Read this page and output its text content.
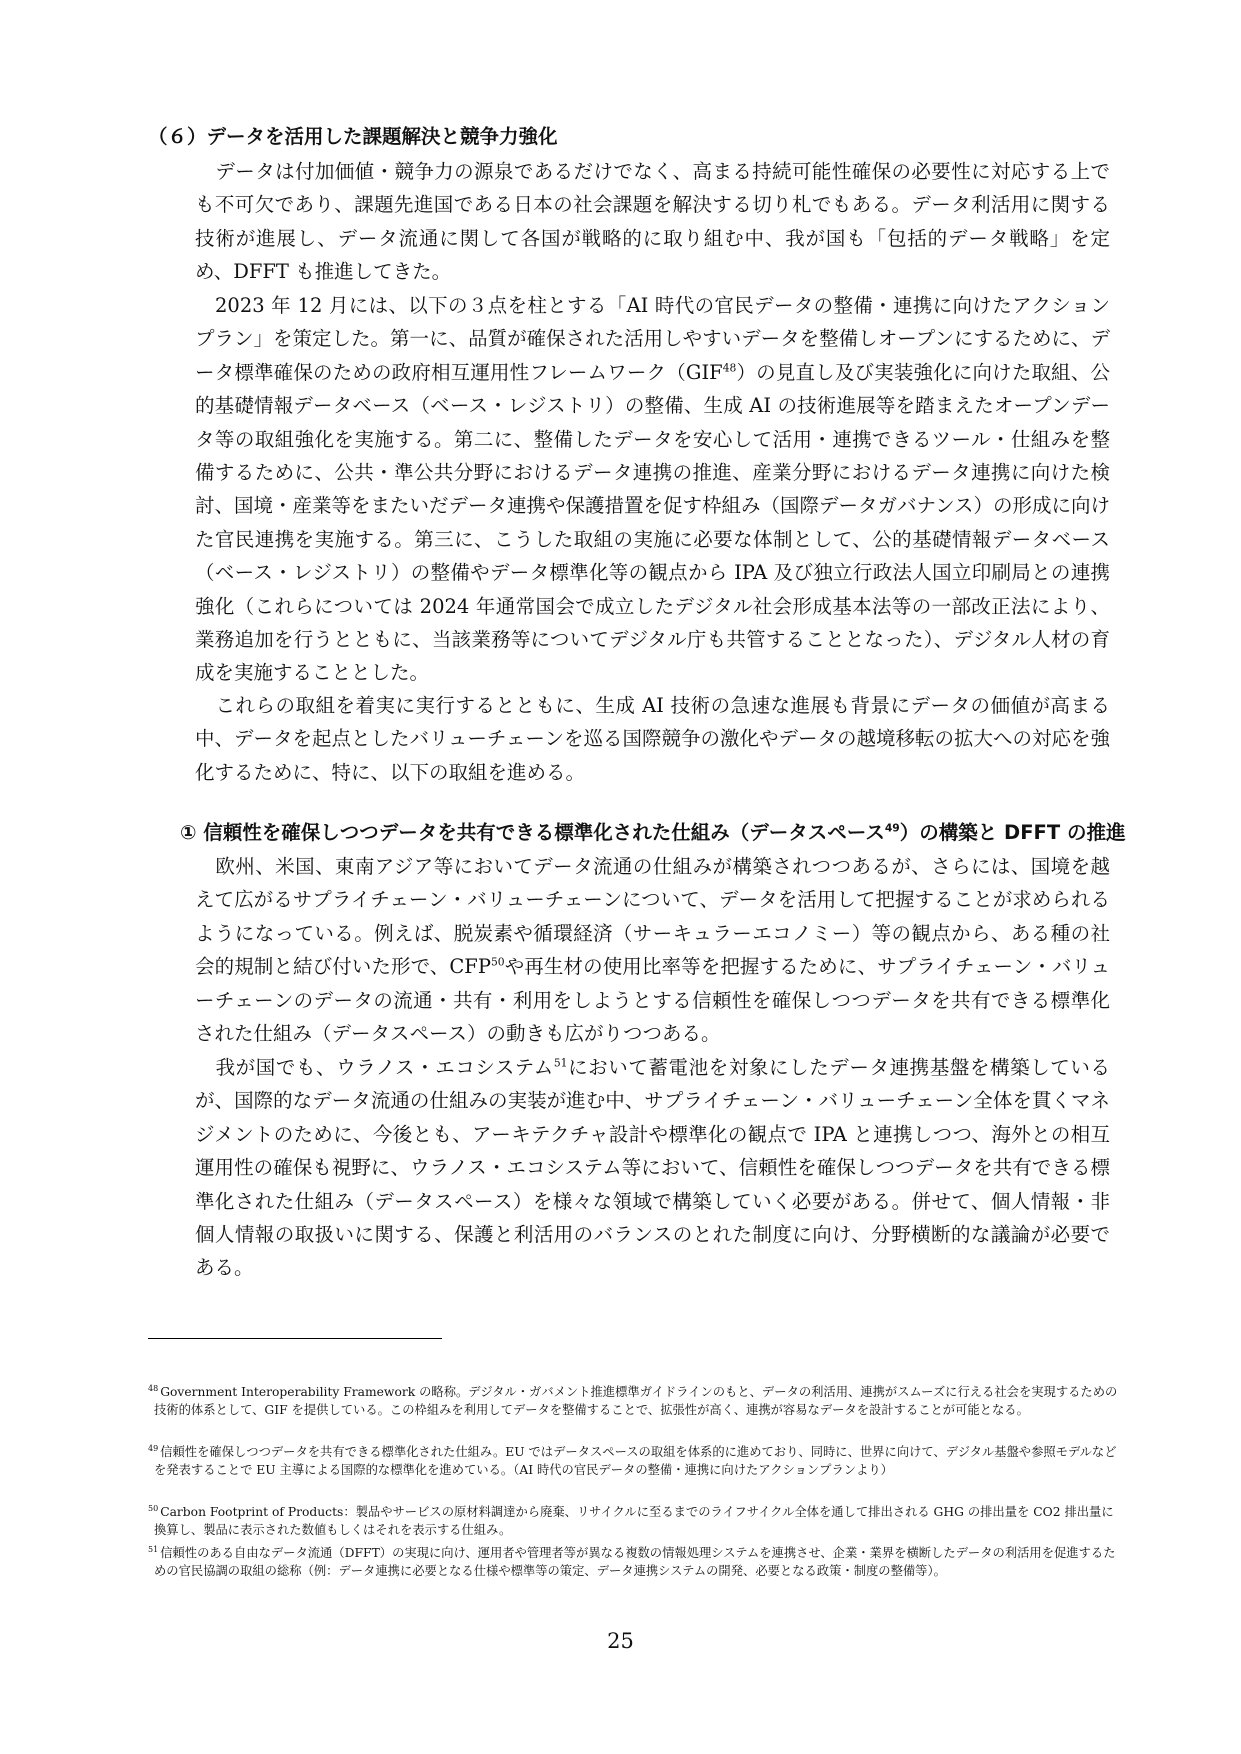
（６）データを活用した課題解決と競争力強化

データは付加価値・競争力の源泉であるだけでなく、高まる持続可能性確保の必要性に対応する上でも不可欠であり、課題先進国である日本の社会課題を解決する切り札でもある。データ利活用に関する技術が進展し、データ流通に関して各国が戦略的に取り組む中、我が国も「包括的データ戦略」を定め、DFFT も推進してきた。

2023 年 12 月には、以下の３点を柱とする「AI 時代の官民データの整備・連携に向けたアクションプラン」を策定した。第一に、品質が確保された活用しやすいデータを整備しオープンにするために、データ標準確保のための政府相互運用性フレームワーク（GIF$^{48}$）の見直し及び実装強化に向けた取組、公的基礎情報データベース（ベース・レジストリ）の整備、生成 AI の技術進展等を踏まえたオープンデータ等の取組強化を実施する。第二に、整備したデータを安心して活用・連携できるツール・仕組みを整備するために、公共・準公共分野におけるデータ連携の推進、産業分野におけるデータ連携に向けた検討、国境・産業等をまたいだデータ連携や保護措置を促す枠組み（国際データガバナンス）の形成に向けた官民連携を実施する。第三に、こうした取組の実施に必要な体制として、公的基礎情報データベース（ベース・レジストリ）の整備やデータ標準化等の観点から IPA 及び独立行政法人国立印刷局との連携強化（これらについては 2024 年通常国会で成立したデジタル社会形成基本法等の一部改正法により、業務追加を行うとともに、当該業務等についてデジタル庁も共管することとなった）、デジタル人材の育成を実施することとした。

これらの取組を着実に実行するとともに、生成 AI 技術の急速な進展も背景にデータの価値が高まる中、データを起点としたバリューチェーンを巡る国際競争の激化やデータの越境移転の拡大への対応を強化するために、特に、以下の取組を進める。

① 信頼性を確保しつつデータを共有できる標準化された仕組み（データスペース$^{49}$）の構築と DFFT の推進

欧州、米国、東南アジア等においてデータ流通の仕組みが構築されつつあるが、さらには、国境を越えて広がるサプライチェーン・バリューチェーンについて、データを活用して把握することが求められるようになっている。例えば、脱炭素や循環経済（サーキュラーエコノミー）等の観点から、ある種の社会的規制と結び付いた形で、CFP$^{50}$や再生材の使用比率等を把握するために、サプライチェーン・バリューチェーンのデータの流通・共有・利用をしようとする信頼性を確保しつつデータを共有できる標準化された仕組み（データスペース）の動きも広がりつつある。

我が国でも、ウラノス・エコシステム$^{51}$において蓄電池を対象にしたデータ連携基盤を構築しているが、国際的なデータ流通の仕組みの実装が進む中、サプライチェーン・バリューチェーン全体を貫くマネジメントのために、今後とも、アーキテクチャ設計や標準化の観点で IPA と連携しつつ、海外との相互運用性の確保も視野に、ウラノス・エコシステム等において、信頼性を確保しつつデータを共有できる標準化された仕組み（データスペース）を様々な領域で構築していく必要がある。併せて、個人情報・非個人情報の取扱いに関する、保護と利活用のバランスのとれた制度に向け、分野横断的な議論が必要である。

$^{48}$ Government Interoperability Framework の略称。デジタル・ガバメント推進標準ガイドラインのもと、データの利活用、連携がスムーズに行える社会を実現するための技術的体系として、GIF を提供している。この枠組みを利用してデータを整備することで、拡張性が高く、連携が容易なデータを設計することが可能となる。

$^{49}$ 信頼性を確保しつつデータを共有できる標準化された仕組み。EU ではデータスペースの取組を体系的に進めており、同時に、世界に向けて、デジタル基盤や参照モデルなどを発表することで EU 主導による国際的な標準化を進めている。（AI 時代の官民データの整備・連携に向けたアクションプランより）

$^{50}$ Carbon Footprint of Products：製品やサービスの原材料調達から廃棄、リサイクルに至るまでのライフサイクル全体を通して排出される GHG の排出量を CO2 排出量に換算し、製品に表示された数値もしくはそれを表示する仕組み。

$^{51}$ 信頼性のある自由なデータ流通（DFFT）の実現に向け、運用者や管理者等が異なる複数の情報処理システムを連携させ、企業・業界を横断したデータの利活用を促進するための官民協調の取組の総称（例：データ連携に必要となる仕様や標準等の策定、データ連携システムの開発、必要となる政策・制度の整備等）。

25
